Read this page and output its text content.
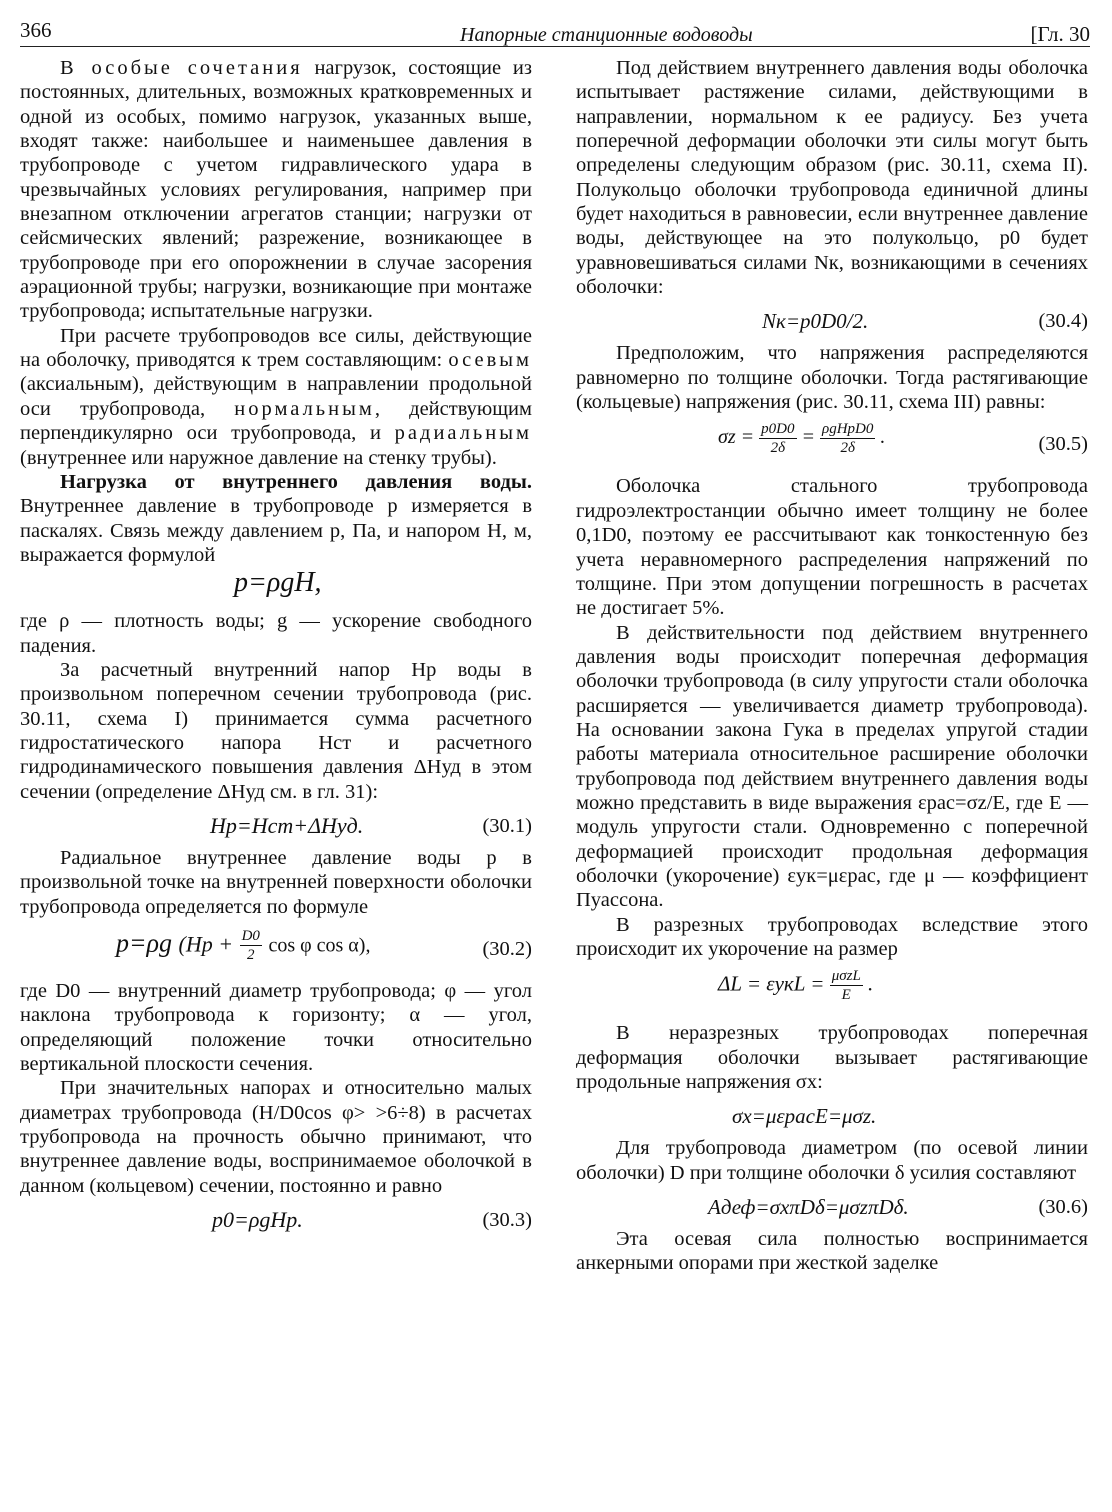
366	Напорные станционные водоводы	[Гл. 30

В особые сочетания нагрузок, состоящие из постоянных, длительных, возможных кратковременных и одной из особых, помимо нагрузок, указанных выше, входят также: наибольшее и наименьшее давления в трубопроводе с учетом гидравлического удара в чрезвычайных условиях регулирования, например при внезапном отключении агрегатов станции; нагрузки от сейсмических явлений; разрежение, возникающее в трубопроводе при его опорожнении в случае засорения аэрационной трубы; нагрузки, возникающие при монтаже трубопровода; испытательные нагрузки.

При расчете трубопроводов все силы, действующие на оболочку, приводятся к трем составляющим: осевым (аксиальным), действующим в направлении продольной оси трубопровода, нормальным, действующим перпендикулярно оси трубопровода, и радиальным (внутреннее или наружное давление на стенку трубы).

Нагрузка от внутреннего давления воды. Внутреннее давление в трубопроводе p измеряется в паскалях. Связь между давлением p, Па, и напором H, м, выражается формулой

p=ρgH,

где ρ — плотность воды; g — ускорение свободного падения.

За расчетный внутренний напор Hр воды в произвольном поперечном сечении трубопровода (рис. 30.11, схема I) принимается сумма расчетного гидростатического напора Hст и расчетного гидродинамического повышения давления ΔHуд в этом сечении (определение ΔHуд см. в гл. 31):

Hр=Hст+ΔHуд.	(30.1)

Радиальное внутреннее давление воды p в произвольной точке на внутренней поверхности оболочки трубопровода определяется по формуле

p=ρg ($Hр + \frac{D0}{2}$ cos φ cos α),	(30.2)

где D0 — внутренний диаметр трубопровода; φ — угол наклона трубопровода к горизонту; α — угол, определяющий положение точки относительно вертикальной плоскости сечения.

При значительных напорах и относительно малых диаметрах трубопровода (H/D0cos φ> >6÷8) в расчетах трубопровода на прочность обычно принимают, что внутреннее давление воды, воспринимаемое оболочкой в данном (кольцевом) сечении, постоянно и равно

p0=ρgHр.	(30.3)

Под действием внутреннего давления воды оболочка испытывает растяжение силами, действующими в направлении, нормальном к ее радиусу. Без учета поперечной деформации оболочки эти силы могут быть определены следующим образом (рис. 30.11, схема II). Полукольцо оболочки трубопровода единичной длины будет находиться в равновесии, если внутреннее давление воды, действующее на это полукольцо, p0 будет уравновешиваться силами Nк, возникающими в сечениях оболочки:

Nк=p0D0/2.	(30.4)

Предположим, что напряжения распределяются равномерно по толщине оболочки. Тогда растягивающие (кольцевые) напряжения (рис. 30.11, схема III) равны:

$\sigma z = \frac{p0D0}{2\delta} = \frac{\text{ρgHрD0}}{2\delta}$ .	(30.5)

Оболочка стального трубопровода гидроэлектростанции обычно имеет толщину не более 0,1D0, поэтому ее рассчитывают как тонкостенную без учета неравномерного распределения напряжений по толщине. При этом допущении погрешность в расчетах не достигает 5%.

В действительности под действием внутреннего давления воды происходит поперечная деформация оболочки трубопровода (в силу упругости стали оболочка расширяется — увеличивается диаметр трубопровода). На основании закона Гука в пределах упругой стадии работы материала относительное расширение оболочки трубопровода под действием внутреннего давления воды можно представить в виде выражения εрас=σz/E, где E — модуль упругости стали. Одновременно с поперечной деформацией происходит продольная деформация оболочки (укорочение) εук=μεрас, где μ — коэффициент Пуассона.

В разрезных трубопроводах вследствие этого происходит их укорочение на размер

$\Delta L = \varepsilon укL = \frac{\text{μσzL}}{E}$ .

В неразрезных трубопроводах поперечная деформация оболочки вызывает растягивающие продольные напряжения σx:

σx=μεрасE=μσz.

Для трубопровода диаметром (по осевой линии оболочки) D при толщине оболочки δ усилия составляют

Aдеф=σxπDδ=μσzπDδ.	(30.6)

Эта осевая сила полностью воспринимается анкерными опорами при жесткой заделке
